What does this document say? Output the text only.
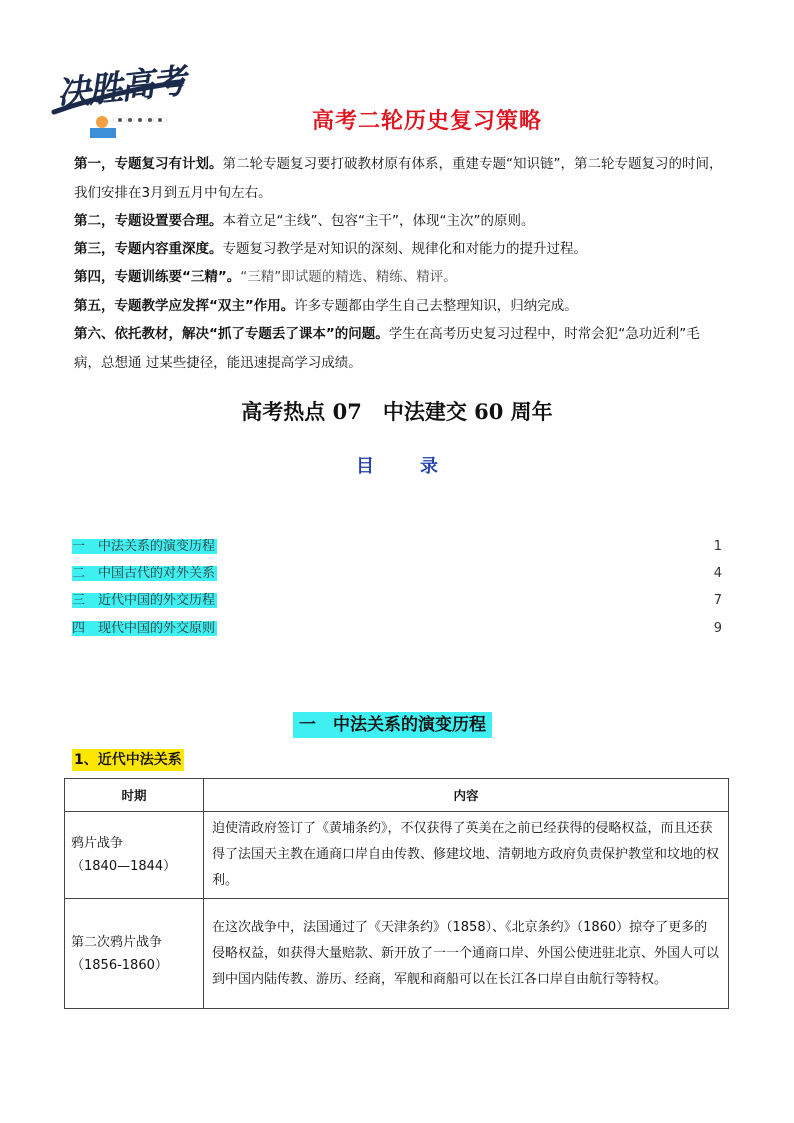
决胜高考
高考二轮历史复习策略
第一，专题复习有计划。第二轮专题复习要打破教材原有体系，重建专题“知识链”，第二轮专题复习的时间，我们安排在3月到五月中旬左右。
第二，专题设置要合理。本着立足“主线”、包容“主干”，体现“主次”的原则。
第三，专题内容重深度。专题复习教学是对知识的深刻、规律化和对能力的提升过程。
第四，专题训练要“三精”。“三精”即试题的精选、精练、精评。
第五，专题教学应发挥“双主”作用。许多专题都由学生自己去整理知识，归纳完成。
第六、依托教材，解决“抓了专题丢了课本”的问题。学生在高考历史复习过程中，时常会犯“急功近利”毛病，总想通 过某些捷径，能迅速提高学习成绩。
高考热点 07　中法建交 60 周年
目　录
一　中法关系的演变历程	1
二　中国古代的对外关系	4
三　近代中国的外交历程	7
四　现代中国的外交原则	9
一　中法关系的演变历程
1、近代中法关系
时期	内容

鸦片战争
（1840—1844）	迫使清政府签订了《黄埔条约》，不仅获得了英美在之前已经获得的侵略权益，而且还获得了法国天主教在通商口岸自由传教、修建坟地、清朝地方政府负责保护教堂和坟地的权利。

第二次鸦片战争
（1856-1860）	在这次战争中，法国通过了《天津条约》（1858）、《北京条约》（1860）掠夺了更多的侵略权益，如获得大量赔款、新开放了一一个通商口岸、外国公使进驻北京、外国人可以到中国内陆传教、游历、经商，军舰和商船可以在长江各口岸自由航行等特权。
